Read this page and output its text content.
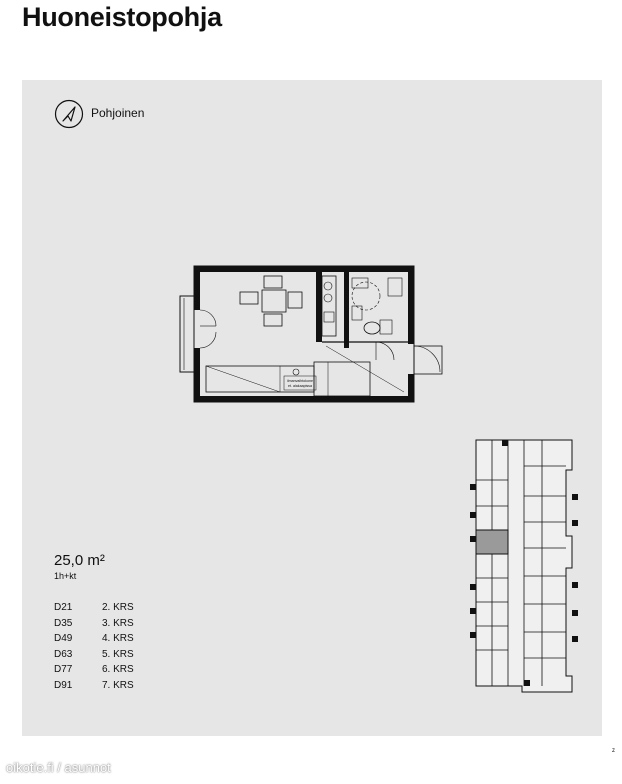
Huoneistopohja
Pohjoinen
ilmanvaihtokone
et. alakaapissa
25,0 m²
1h+kt
D21	2. KRS
D35	3. KRS
D49	4. KRS
D63	5. KRS
D77	6. KRS
D91	7. KRS
oikotie.fi / asunnot
z
